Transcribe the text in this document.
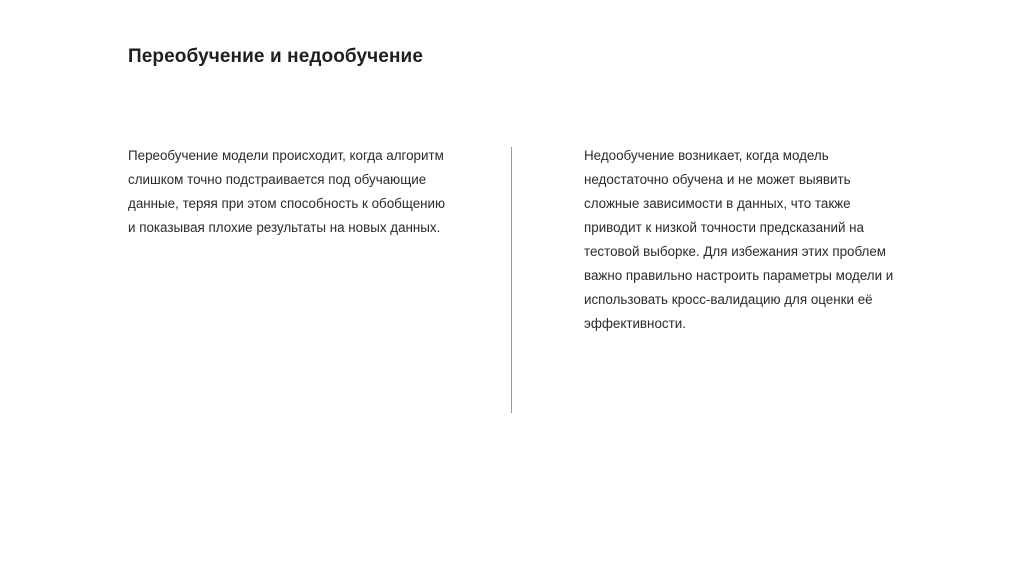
Переобучение и недообучение

Переобучение модели происходит, когда алгоритм
слишком точно подстраивается под обучающие
данные, теряя при этом способность к обобщению
и показывая плохие результаты на новых данных.

Недообучение возникает, когда модель
недостаточно обучена и не может выявить
сложные зависимости в данных, что также
приводит к низкой точности предсказаний на
тестовой выборке. Для избежания этих проблем
важно правильно настроить параметры модели и
использовать кросс-валидацию для оценки её
эффективности.
